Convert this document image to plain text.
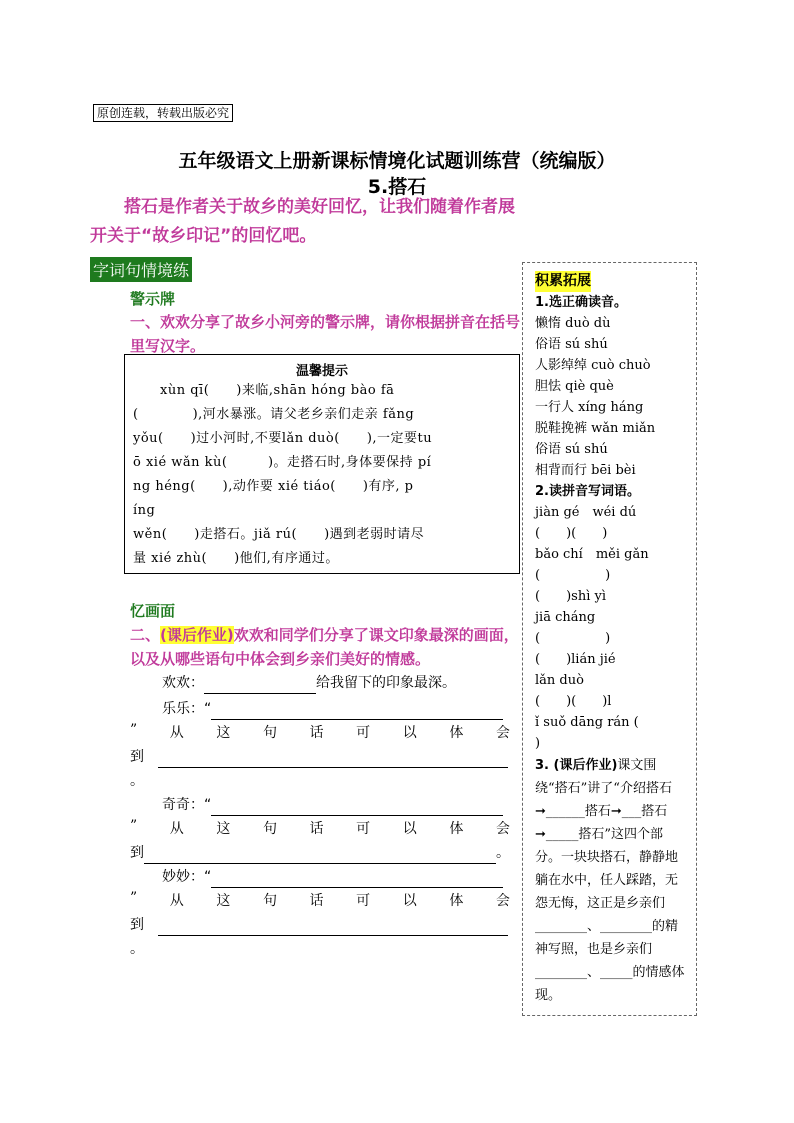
原创连载，转载出版必究
五年级语文上册新课标情境化试题训练营（统编版）
5.搭石
搭石是作者关于故乡的美好回忆，让我们随着作者展开关于“故乡印记”的回忆吧。
字词句情境练
警示牌
一、欢欢分享了故乡小河旁的警示牌，请你根据拼音在括号里写汉字。
温馨提示
　　xùn qī(　　)来临,shān hóng bào fā
(　　　　),河水暴涨。请父老乡亲们走亲 fǎng
yǒu(　　)过小河时,不要lǎn duò(　　),一定要tu
ō xié wǎn kù(　　　)。走搭石时,身体要保持 pí
ng héng(　　),动作要 xié tiáo(　　)有序, p
íng
wěn(　　)走搭石。jiǎ rú(　　)遇到老弱时请尽
量 xié zhù(　　)他们,有序通过。
忆画面
二、(课后作业)欢欢和同学们分享了课文印象最深的画面，以及从哪些语句中体会到乡亲们美好的情感。
欢欢：	给我留下的印象最深。
乐乐：“
” 从 这 句 话 可 以 体 会
到　
。
奇奇：“
” 从 这 句 话 可 以 体 会
到	。
妙妙：“
” 从 这 句 话 可 以 体 会
到　
。
积累拓展
1.选正确读音。
懒惰 duò dù
俗语 sú shú
人影绰绰 cuò chuò
胆怯 qiè què
一行人 xíng háng
脱鞋挽裤 wǎn miǎn
俗语 sú shú
相背而行 bēi bèi
2.读拼音写词语。
jiàn gé　wéi dú
(　　)(　　)
bǎo chí　měi gǎn
(　　　　　)
(　　)shì yì
jiā cháng
(　　　　　)
(　　)lián jié
lǎn duò
(　　)(　　)l
ǐ suǒ dāng rán (
)
3. (课后作业)课文围绕“搭石”讲了“介绍搭石➞______搭石➞___搭石➞_____搭石”这四个部分。一块块搭石，静静地躺在水中，任人踩踏，无怨无悔，这正是乡亲们________、________的精神写照，也是乡亲们________、_____的情感体现。
